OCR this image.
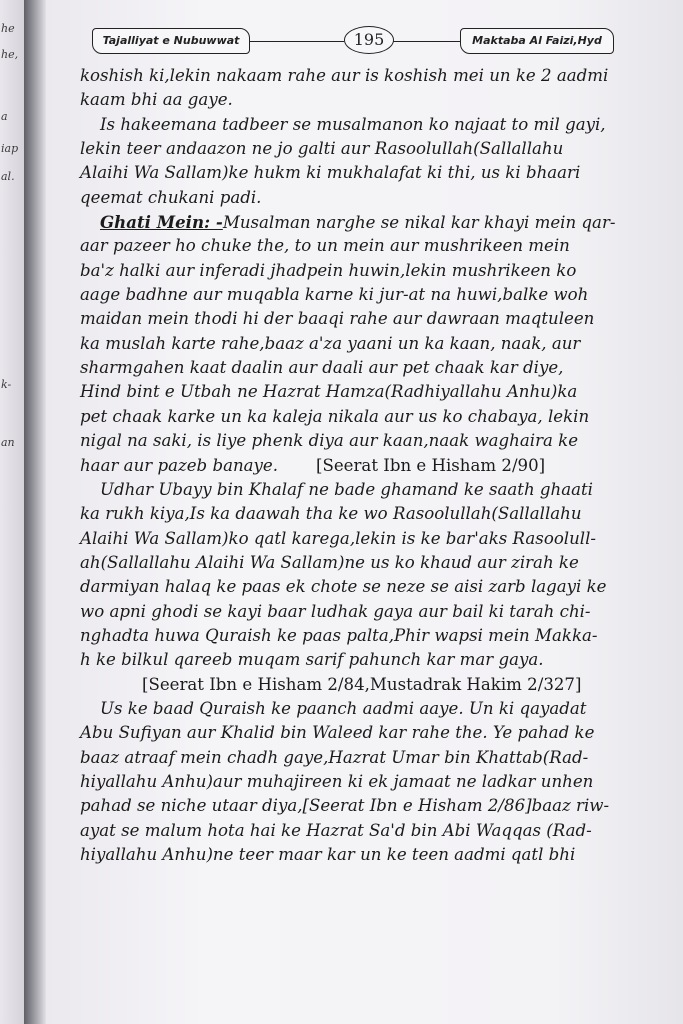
he
he,
a
iap
al.
k-
an
Tajalliyat e Nubuwwat	195	Maktaba Al Faizi,Hyd
koshish ki,lekin nakaam rahe aur is koshish mei un ke 2 aadmi
kaam bhi aa gaye.
Is hakeemana tadbeer se musalmanon ko najaat to mil gayi,
lekin teer andaazon ne jo galti aur Rasoolullah(Sallallahu
Alaihi Wa Sallam)ke hukm ki mukhalafat ki thi, us ki bhaari
qeemat chukani padi.
Ghati Mein: -Musalman narghe se nikal kar khayi mein qar-
aar pazeer ho chuke the, to un mein aur mushrikeen mein
ba'z halki aur inferadi jhadpein huwin,lekin mushrikeen ko
aage badhne aur muqabla karne ki jur-at na huwi,balke woh
maidan mein thodi hi der baaqi rahe aur dawraan maqtuleen
ka muslah karte rahe,baaz a'za yaani un ka kaan, naak, aur
sharmgahen kaat daalin aur daali aur pet chaak kar diye,
Hind bint e Utbah ne Hazrat Hamza(Radhiyallahu Anhu)ka
pet chaak karke un ka kaleja nikala aur us ko chabaya, lekin
nigal na saki, is liye phenk diya aur kaan,naak waghaira ke
haar aur pazeb banaye. [Seerat Ibn e Hisham 2/90]
Udhar Ubayy bin Khalaf ne bade ghamand ke saath ghaati
ka rukh kiya,Is ka daawah tha ke wo Rasoolullah(Sallallahu
Alaihi Wa Sallam)ko qatl karega,lekin is ke bar'aks Rasoolull-
ah(Sallallahu Alaihi Wa Sallam)ne us ko khaud aur zirah ke
darmiyan halaq ke paas ek chote se neze se aisi zarb lagayi ke
wo apni ghodi se kayi baar ludhak gaya aur bail ki tarah chi-
nghadta huwa Quraish ke paas palta,Phir wapsi mein Makka-
h ke bilkul qareeb muqam sarif pahunch kar mar gaya.
[Seerat Ibn e Hisham 2/84,Mustadrak Hakim 2/327]
Us ke baad Quraish ke paanch aadmi aaye. Un ki qayadat
Abu Sufiyan aur Khalid bin Waleed kar rahe the. Ye pahad ke
baaz atraaf mein chadh gaye,Hazrat Umar bin Khattab(Rad-
hiyallahu Anhu)aur muhajireen ki ek jamaat ne ladkar unhen
pahad se niche utaar diya,[Seerat Ibn e Hisham 2/86]baaz riw-
ayat se malum hota hai ke Hazrat Sa'd bin Abi Waqqas (Rad-
hiyallahu Anhu)ne teer maar kar un ke teen aadmi qatl bhi
